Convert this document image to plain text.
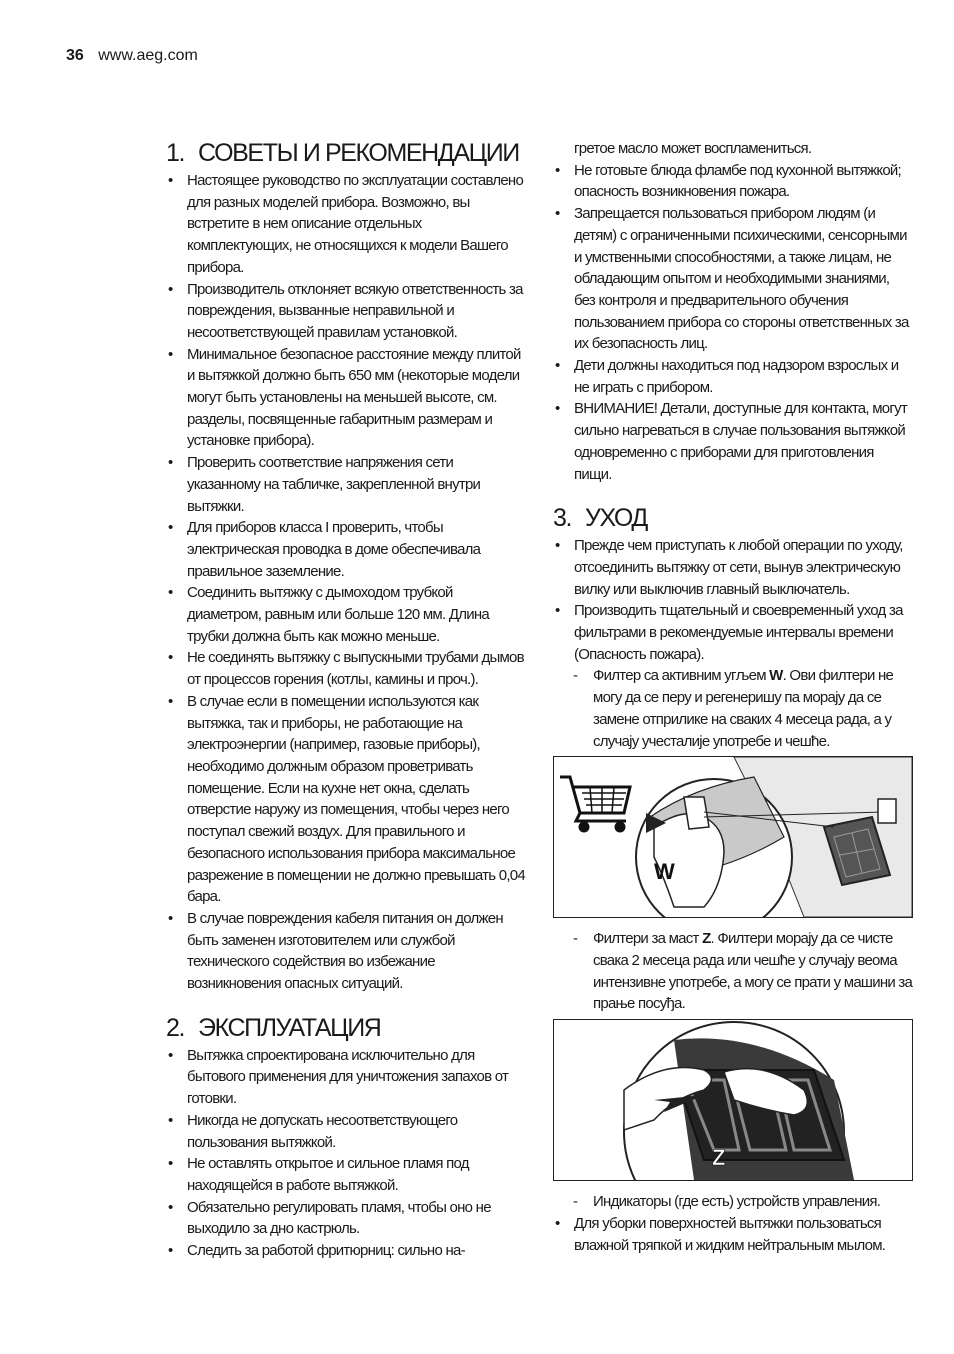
36 www.aeg.com
1. СОВЕТЫ И РЕКОМЕНДАЦИИ
• Настоящее руководство по эксплуатации составлено для разных моделей прибора. Возможно, вы встретите в нем описание отдельных комплектующих, не относящихся к модели Вашего прибора.
• Производитель отклоняет всякую ответственность за повреждения, вызванные неправильной и несоответствующей правилам установкой.
• Минимальное безопасное расстояние между плитой и вытяжкой должно быть 650 мм (некоторые модели могут быть установлены на меньшей высоте, см. разделы, посвященные габаритным размерам и установке прибора).
• Проверить соответствие напряжения сети указанному на табличке, закрепленной внутри вытяжки.
• Для приборов класса I проверить, чтобы электрическая проводка в доме обеспечивала правильное заземление.
• Соединить вытяжку с дымоходом трубкой диаметром, равным или больше 120 мм. Длина трубки должна быть как можно меньше.
• Не соединять вытяжку с выпускными трубами дымов от процессов горения (котлы, камины и проч.).
• В случае если в помещении используются как вытяжка, так и приборы, не работающие на электроэнергии (например, газовые приборы), необходимо должным образом проветривать помещение. Если на кухне нет окна, сделать отверстие наружу из помещения, чтобы через него поступал свежий воздух. Для правильного и безопасного использования прибора максимальное разрежение в помещении не должно превышать 0,04 бара.
• В случае повреждения кабеля питания он должен быть заменен изготовителем или службой технического содействия во избежание возникновения опасных ситуаций.
2. ЭКСПЛУАТАЦИЯ
• Вытяжка спроектирована исключительно для бытового применения для уничтожения запахов от готовки.
• Никогда не допускать несоответствующего пользования вытяжкой.
• Не оставлять открытое и сильное пламя под находящейся в работе вытяжкой.
• Обязательно регулировать пламя, чтобы оно не выходило за дно кастрюль.
• Следить за работой фритюрниц: сильно на-
гретое масло может воспламениться.
• Не готовьте блюда фламбе под кухонной вытяжкой; опасность возникновения пожара.
• Запрещается пользоваться прибором людям (и детям) с ограниченными психическими, сенсорными и умственными способностями, а также лицам, не обладающим опытом и необходимыми знаниями, без контроля и предварительного обучения пользованием прибора со стороны ответственных за их безопасность лиц.
• Дети должны находиться под надзором взрослых и не играть с прибором.
• ВНИМАНИЕ! Детали, доступные для контакта, могут сильно нагреваться в случае пользования вытяжкой одновременно с приборами для приготовления пищи.
3. УХОД
• Прежде чем приступать к любой операции по уходу, отсоединить вытяжку от сети, вынув электрическую вилку или выключив главный выключатель.
• Производить тщательный и своевременный уход за фильтрами в рекомендуемые интервалы времени (Опасность пожара).
- Филтер са активним угљем W. Ови филтери не могу да се перу и регенеришу па морају да се замене отприлике на сваких 4 месеца рада, а у случају учесталије употребе и чешће.
W
- Филтери за маст Z. Филтери морају да се чисте свака 2 месеца рада или чешће у случају веома интензивне употребе, а могу се прати у машини за прање посуђа.
Z
- Индикаторы (где есть) устройств управления.
• Для уборки поверхностей вытяжки пользоваться влажной тряпкой и жидким нейтральным мылом.
